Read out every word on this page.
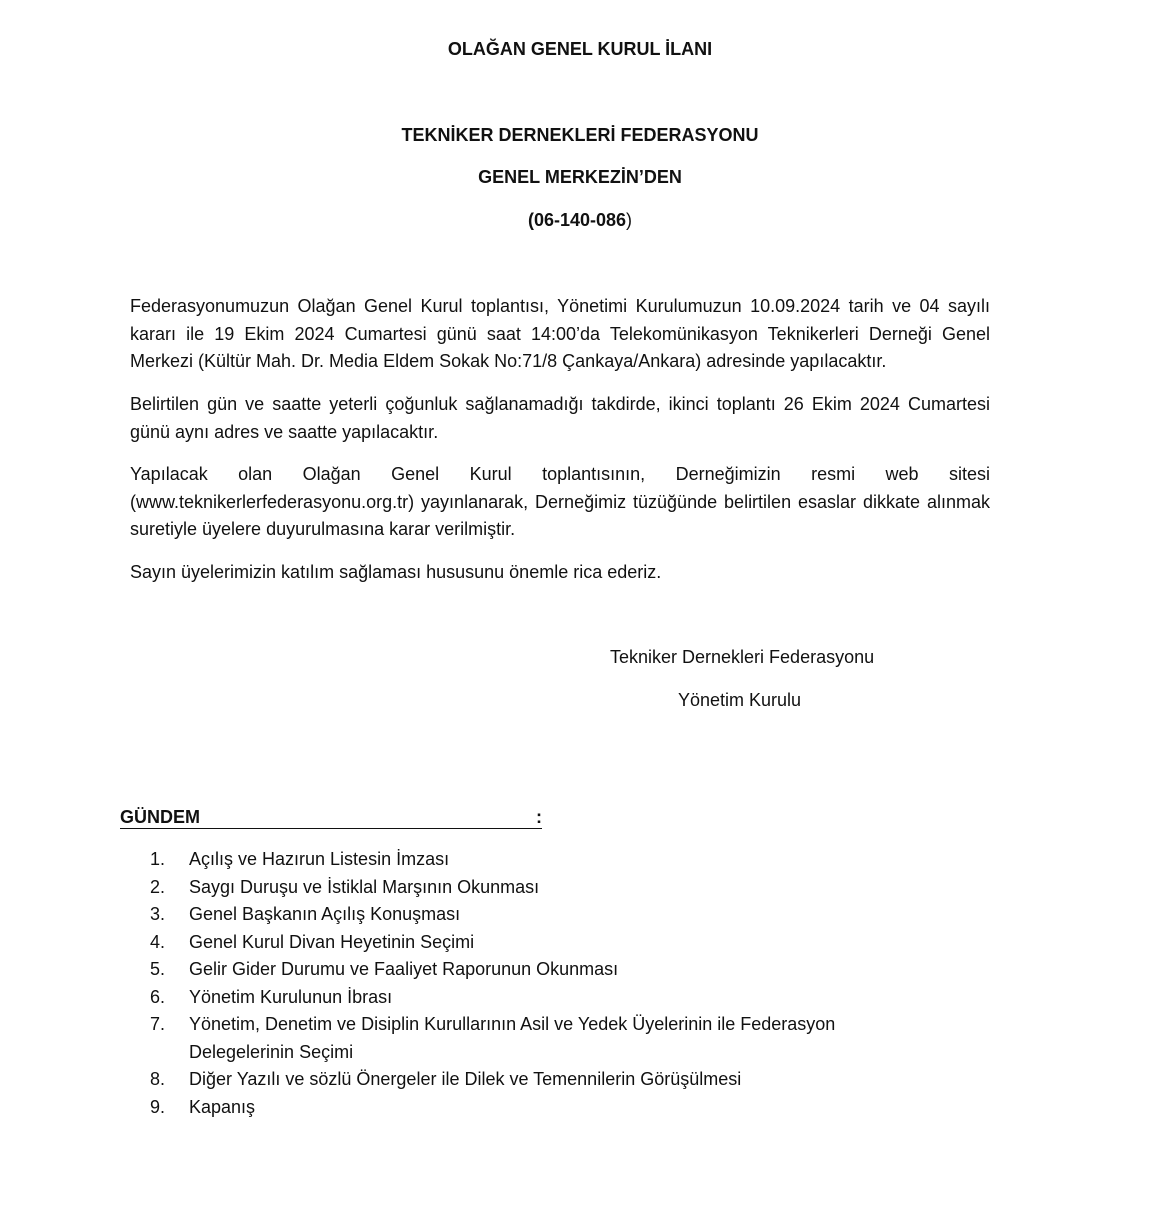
OLAĞAN GENEL KURUL İLANI
TEKNİKER DERNEKLERİ FEDERASYONU
GENEL MERKEZİN’DEN
(06-140-086)

Federasyonumuzun Olağan Genel Kurul toplantısı, Yönetimi Kurulumuzun 10.09.2024 tarih ve 04 sayılı kararı ile 19 Ekim 2024 Cumartesi günü saat 14:00’da Telekomünikasyon Teknikerleri Derneği Genel Merkezi (Kültür Mah. Dr. Media Eldem Sokak No:71/8 Çankaya/Ankara) adresinde yapılacaktır.

Belirtilen gün ve saatte yeterli çoğunluk sağlanamadığı takdirde, ikinci toplantı 26 Ekim 2024 Cumartesi günü aynı adres ve saatte yapılacaktır.

Yapılacak olan Olağan Genel Kurul toplantısının, Derneğimizin resmi web sitesi (www.teknikerlerfederasyonu.org.tr) yayınlanarak, Derneğimiz tüzüğünde belirtilen esaslar dikkate alınmak suretiyle üyelere duyurulmasına karar verilmiştir.

Sayın üyelerimizin katılım sağlaması hususunu önemle rica ederiz.

Tekniker Dernekleri Federasyonu
Yönetim Kurulu
GÜNDEM	:
1.	Açılış ve Hazırun Listesin İmzası
2.	Saygı Duruşu ve İstiklal Marşının Okunması
3.	Genel Başkanın Açılış Konuşması
4.	Genel Kurul Divan Heyetinin Seçimi
5.	Gelir Gider Durumu ve Faaliyet Raporunun Okunması
6.	Yönetim Kurulunun İbrası
7.	Yönetim, Denetim ve Disiplin Kurullarının Asil ve Yedek Üyelerinin ile Federasyon Delegelerinin Seçimi
8.	Diğer Yazılı ve sözlü Önergeler ile Dilek ve Temennilerin Görüşülmesi
9.	Kapanış
